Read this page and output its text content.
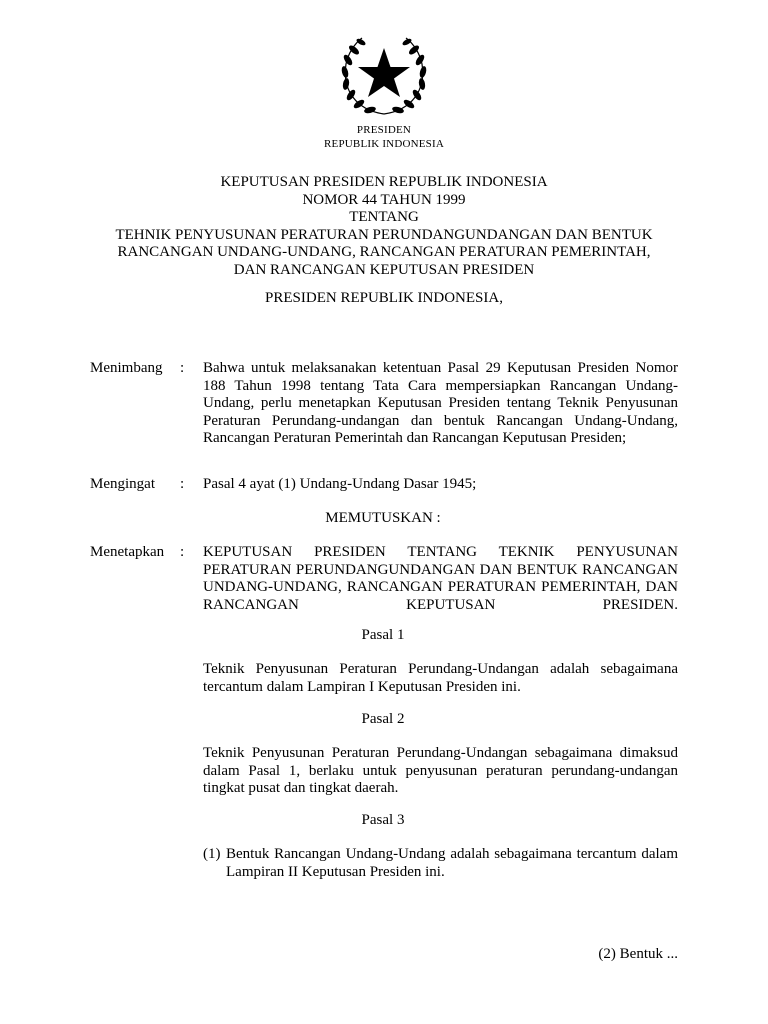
PRESIDEN
REPUBLIK INDONESIA
KEPUTUSAN PRESIDEN REPUBLIK INDONESIA
NOMOR 44 TAHUN 1999
TENTANG
TEHNIK PENYUSUNAN PERATURAN PERUNDANGUNDANGAN DAN BENTUK
RANCANGAN UNDANG-UNDANG, RANCANGAN PERATURAN PEMERINTAH,
DAN RANCANGAN KEPUTUSAN PRESIDEN
PRESIDEN REPUBLIK INDONESIA,
Menimbang : Bahwa untuk melaksanakan ketentuan Pasal 29 Keputusan Presiden Nomor 188 Tahun 1998 tentang Tata Cara mempersiapkan Rancangan Undang-Undang, perlu menetapkan Keputusan Presiden tentang Teknik Penyusunan Peraturan Perundang-undangan dan bentuk Rancangan Undang-Undang, Rancangan Peraturan Pemerintah dan Rancangan Keputusan Presiden;
Mengingat : Pasal 4 ayat (1) Undang-Undang Dasar 1945;
MEMUTUSKAN :
Menetapkan : KEPUTUSAN PRESIDEN TENTANG TEKNIK PENYUSUNAN PERATURAN PERUNDANGUNDANGAN DAN BENTUK RANCANGAN UNDANG-UNDANG, RANCANGAN PERATURAN PEMERINTAH, DAN RANCANGAN KEPUTUSAN PRESIDEN.
Pasal 1
Teknik Penyusunan Peraturan Perundang-Undangan adalah sebagaimana tercantum dalam Lampiran I Keputusan Presiden ini.
Pasal 2
Teknik Penyusunan Peraturan Perundang-Undangan sebagaimana dimaksud dalam Pasal 1, berlaku untuk penyusunan peraturan perundang-undangan tingkat pusat dan tingkat daerah.
Pasal 3
(1) Bentuk Rancangan Undang-Undang adalah sebagaimana tercantum dalam Lampiran II Keputusan Presiden ini.
(2) Bentuk ...
